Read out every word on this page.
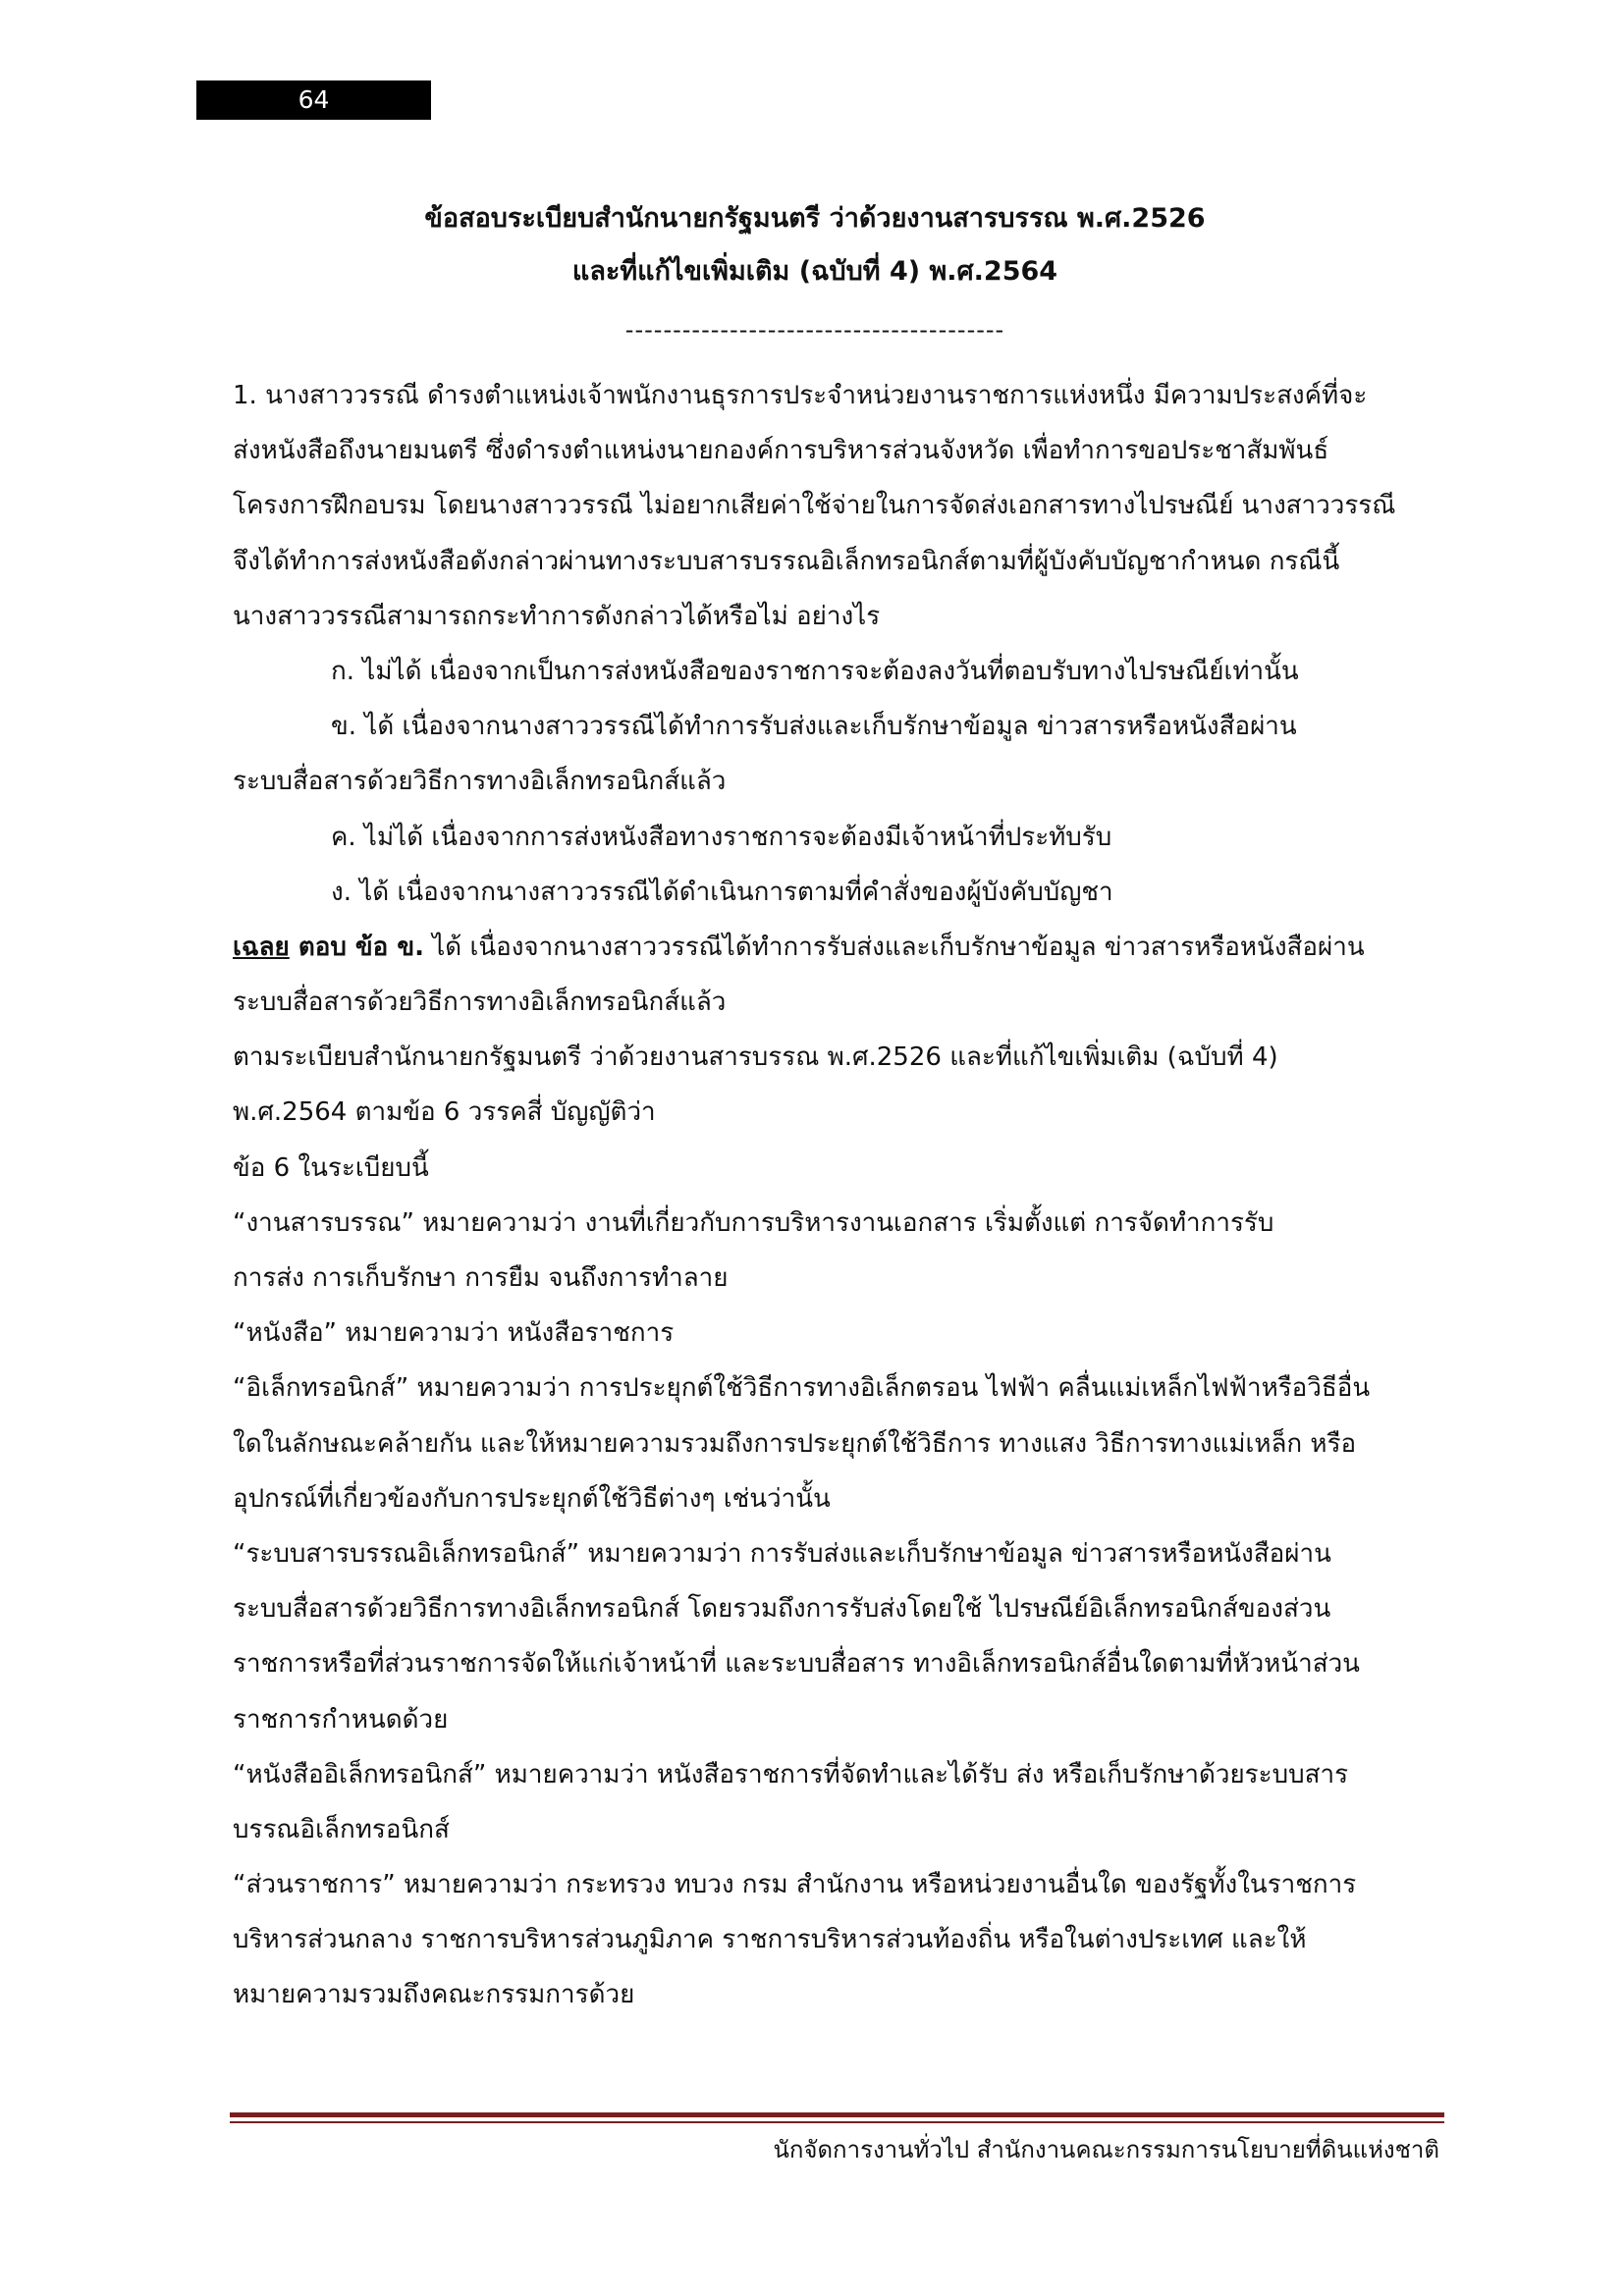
64
ข้อสอบระเบียบสำนักนายกรัฐมนตรี ว่าด้วยงานสารบรรณ พ.ศ.2526
และที่แก้ไขเพิ่มเติม (ฉบับที่ 4) พ.ศ.2564
----------------------------------------
1. นางสาววรรณี ดำรงตำแหน่งเจ้าพนักงานธุรการประจำหน่วยงานราชการแห่งหนึ่ง มีความประสงค์ที่จะ
ส่งหนังสือถึงนายมนตรี ซึ่งดำรงตำแหน่งนายกองค์การบริหารส่วนจังหวัด เพื่อทำการขอประชาสัมพันธ์
โครงการฝึกอบรม โดยนางสาววรรณี ไม่อยากเสียค่าใช้จ่ายในการจัดส่งเอกสารทางไปรษณีย์ นางสาววรรณี
จึงได้ทำการส่งหนังสือดังกล่าวผ่านทางระบบสารบรรณอิเล็กทรอนิกส์ตามที่ผู้บังคับบัญชากำหนด กรณีนี้
นางสาววรรณีสามารถกระทำการดังกล่าวได้หรือไม่ อย่างไร
ก. ไม่ได้ เนื่องจากเป็นการส่งหนังสือของราชการจะต้องลงวันที่ตอบรับทางไปรษณีย์เท่านั้น
ข. ได้ เนื่องจากนางสาววรรณีได้ทำการรับส่งและเก็บรักษาข้อมูล ข่าวสารหรือหนังสือผ่าน
ระบบสื่อสารด้วยวิธีการทางอิเล็กทรอนิกส์แล้ว
ค. ไม่ได้ เนื่องจากการส่งหนังสือทางราชการจะต้องมีเจ้าหน้าที่ประทับรับ
ง. ได้ เนื่องจากนางสาววรรณีได้ดำเนินการตามที่คำสั่งของผู้บังคับบัญชา
เฉลย ตอบ ข้อ ข. ได้ เนื่องจากนางสาววรรณีได้ทำการรับส่งและเก็บรักษาข้อมูล ข่าวสารหรือหนังสือผ่าน
ระบบสื่อสารด้วยวิธีการทางอิเล็กทรอนิกส์แล้ว
ตามระเบียบสำนักนายกรัฐมนตรี ว่าด้วยงานสารบรรณ พ.ศ.2526 และที่แก้ไขเพิ่มเติม (ฉบับที่ 4)
พ.ศ.2564 ตามข้อ 6 วรรคสี่ บัญญัติว่า
ข้อ 6 ในระเบียบนี้
“งานสารบรรณ” หมายความว่า งานที่เกี่ยวกับการบริหารงานเอกสาร เริ่มตั้งแต่ การจัดทำการรับ
การส่ง การเก็บรักษา การยืม จนถึงการทำลาย
“หนังสือ” หมายความว่า หนังสือราชการ
“อิเล็กทรอนิกส์” หมายความว่า การประยุกต์ใช้วิธีการทางอิเล็กตรอน ไฟฟ้า คลื่นแม่เหล็กไฟฟ้าหรือวิธีอื่น
ใดในลักษณะคล้ายกัน และให้หมายความรวมถึงการประยุกต์ใช้วิธีการ ทางแสง วิธีการทางแม่เหล็ก หรือ
อุปกรณ์ที่เกี่ยวข้องกับการประยุกต์ใช้วิธีต่างๆ เช่นว่านั้น
“ระบบสารบรรณอิเล็กทรอนิกส์” หมายความว่า การรับส่งและเก็บรักษาข้อมูล ข่าวสารหรือหนังสือผ่าน
ระบบสื่อสารด้วยวิธีการทางอิเล็กทรอนิกส์ โดยรวมถึงการรับส่งโดยใช้ ไปรษณีย์อิเล็กทรอนิกส์ของส่วน
ราชการหรือที่ส่วนราชการจัดให้แก่เจ้าหน้าที่ และระบบสื่อสาร ทางอิเล็กทรอนิกส์อื่นใดตามที่หัวหน้าส่วน
ราชการกำหนดด้วย
“หนังสืออิเล็กทรอนิกส์” หมายความว่า หนังสือราชการที่จัดทำและได้รับ ส่ง หรือเก็บรักษาด้วยระบบสาร
บรรณอิเล็กทรอนิกส์
“ส่วนราชการ” หมายความว่า กระทรวง ทบวง กรม สำนักงาน หรือหน่วยงานอื่นใด ของรัฐทั้งในราชการ
บริหารส่วนกลาง ราชการบริหารส่วนภูมิภาค ราชการบริหารส่วนท้องถิ่น หรือในต่างประเทศ และให้
หมายความรวมถึงคณะกรรมการด้วย
นักจัดการงานทั่วไป สำนักงานคณะกรรมการนโยบายที่ดินแห่งชาติ
